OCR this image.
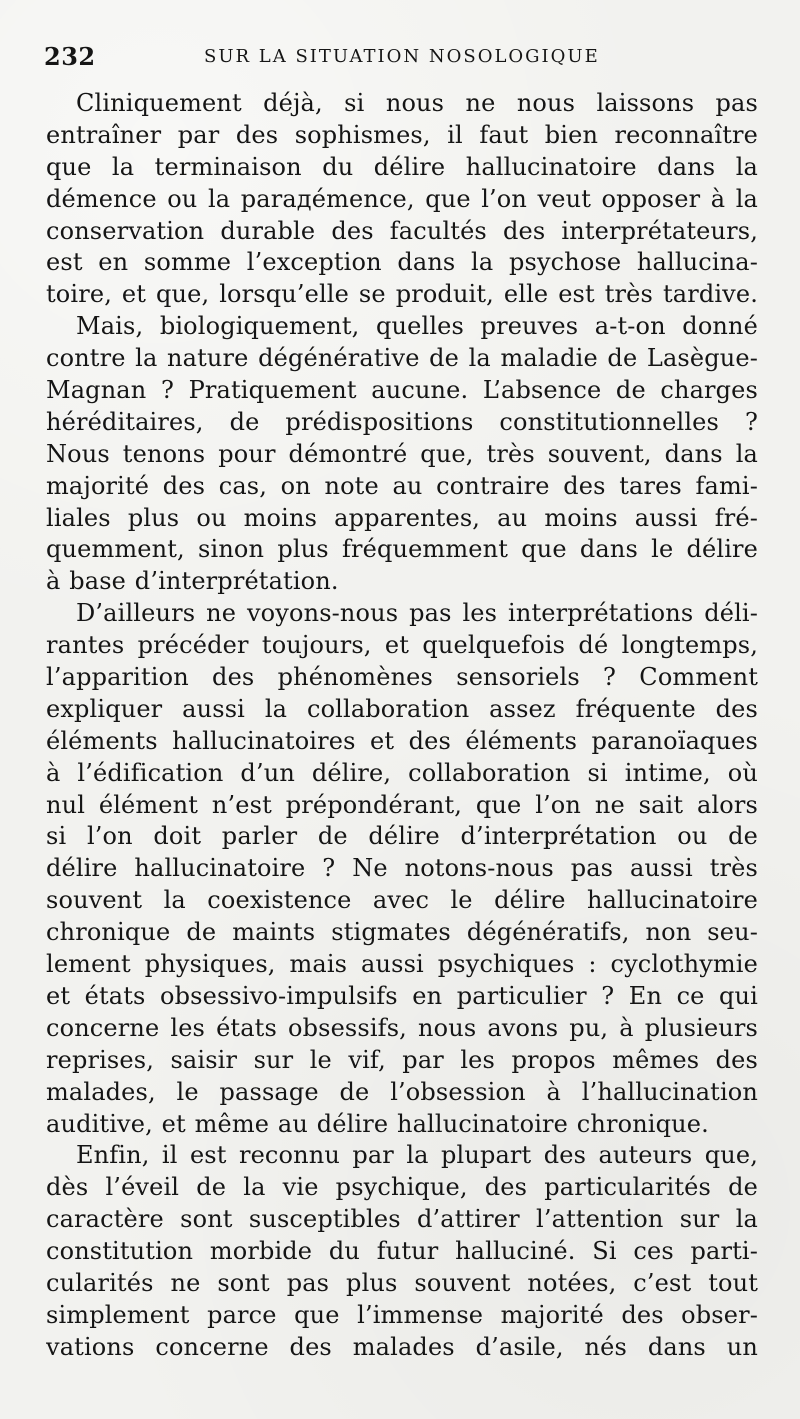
232	SUR LA SITUATION NOSOLOGIQUE
Cliniquement déjà, si nous ne nous laissons pas
entraîner par des sophismes, il faut bien reconnaître
que la terminaison du délire hallucinatoire dans la
démence ou la parадémence, que l’on veut opposer à la
conservation durable des facultés des interprétateurs,
est en somme l’exception dans la psychose hallucina-
toire, et que, lorsqu’elle se produit, elle est très tardive.
Mais, biologiquement, quelles preuves a-t-on donné
contre la nature dégénérative de la maladie de Lasègue-
Magnan ? Pratiquement aucune. L’absence de charges
héréditaires, de prédispositions constitutionnelles ?
Nous tenons pour démontré que, très souvent, dans la
majorité des cas, on note au contraire des tares fami-
liales plus ou moins apparentes, au moins aussi fré-
quemment, sinon plus fréquemment que dans le délire
à base d’interprétation.
D’ailleurs ne voyons-nous pas les interprétations déli-
rantes précéder toujours, et quelquefois dé longtemps,
l’apparition des phénomènes sensoriels ? Comment
expliquer aussi la collaboration assez fréquente des
éléments hallucinatoires et des éléments paranoïaques
à l’édification d’un délire, collaboration si intime, où
nul élément n’est prépondérant, que l’on ne sait alors
si l’on doit parler de délire d’interprétation ou de
délire hallucinatoire ? Ne notons-nous pas aussi très
souvent la coexistence avec le délire hallucinatoire
chronique de maints stigmates dégénératifs, non seu-
lement physiques, mais aussi psychiques : cyclothymie
et états obsessivo-impulsifs en particulier ? En ce qui
concerne les états obsessifs, nous avons pu, à plusieurs
reprises, saisir sur le vif, par les propos mêmes des
malades, le passage de l’obsession à l’hallucination
auditive, et même au délire hallucinatoire chronique.
Enfin, il est reconnu par la plupart des auteurs que,
dès l’éveil de la vie psychique, des particularités de
caractère sont susceptibles d’attirer l’attention sur la
constitution morbide du futur halluciné. Si ces parti-
cularités ne sont pas plus souvent notées, c’est tout
simplement parce que l’immense majorité des obser-
vations concerne des malades d’asile, nés dans un
